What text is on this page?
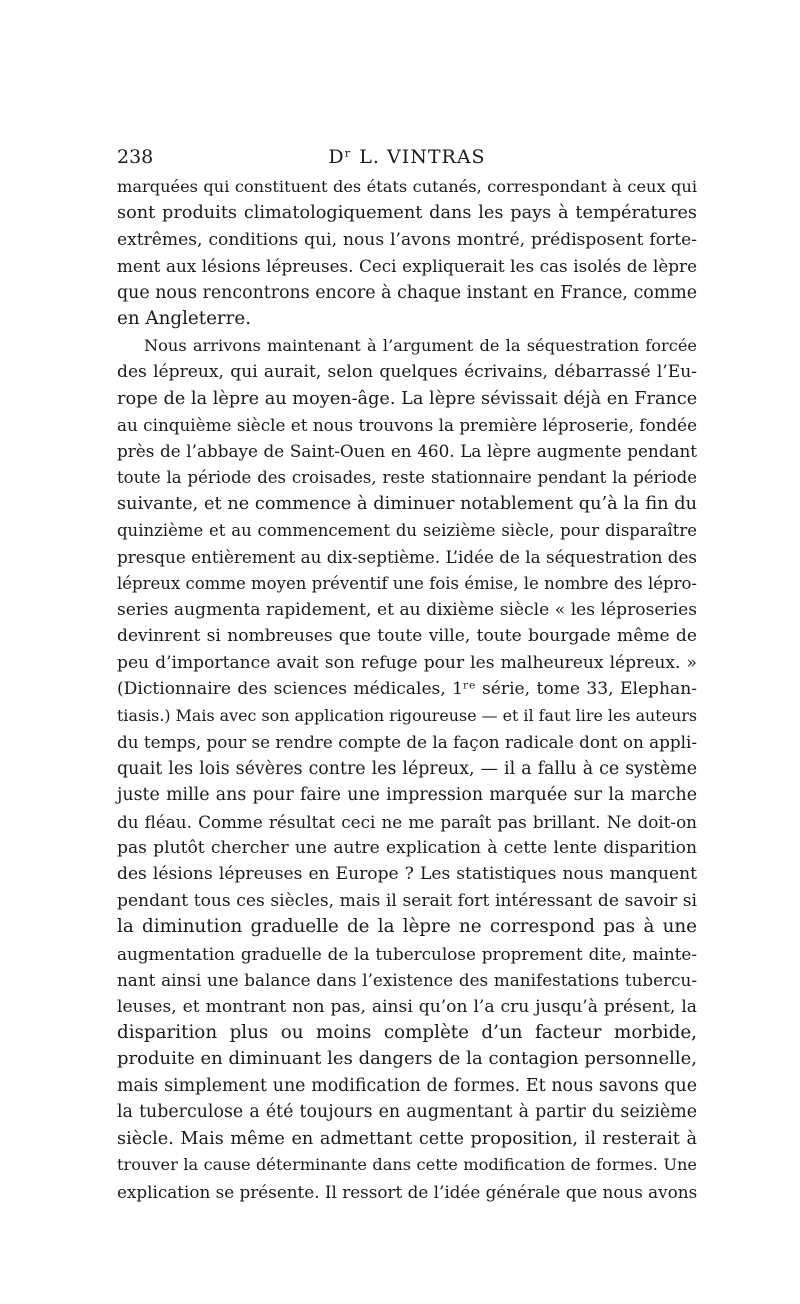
238	Dʳ L. VINTRAS
marquées qui constituent des états cutanés, correspondant à ceux qui
sont produits climatologiquement dans les pays à températures
extrêmes, conditions qui, nous l’avons montré, prédisposent forte-
ment aux lésions lépreuses. Ceci expliquerait les cas isolés de lèpre
que nous rencontrons encore à chaque instant en France, comme
en Angleterre.
Nous arrivons maintenant à l’argument de la séquestration forcée
des lépreux, qui aurait, selon quelques écrivains, débarrassé l’Eu-
rope de la lèpre au moyen-âge. La lèpre sévissait déjà en France
au cinquième siècle et nous trouvons la première léproserie, fondée
près de l’abbaye de Saint-Ouen en 460. La lèpre augmente pendant
toute la période des croisades, reste stationnaire pendant la période
suivante, et ne commence à diminuer notablement qu’à la fin du
quinzième et au commencement du seizième siècle, pour disparaître
presque entièrement au dix-septième. L’idée de la séquestration des
lépreux comme moyen préventif une fois émise, le nombre des lépro-
series augmenta rapidement, et au dixième siècle « les léproseries
devinrent si nombreuses que toute ville, toute bourgade même de
peu d’importance avait son refuge pour les malheureux lépreux. »
(Dictionnaire des sciences médicales, 1ʳᵉ série, tome 33, Elephan-
tiasis.) Mais avec son application rigoureuse — et il faut lire les auteurs
du temps, pour se rendre compte de la façon radicale dont on appli-
quait les lois sévères contre les lépreux, — il a fallu à ce système
juste mille ans pour faire une impression marquée sur la marche
du fléau. Comme résultat ceci ne me paraît pas brillant. Ne doit-on
pas plutôt chercher une autre explication à cette lente disparition
des lésions lépreuses en Europe ? Les statistiques nous manquent
pendant tous ces siècles, mais il serait fort intéressant de savoir si
la diminution graduelle de la lèpre ne correspond pas à une
augmentation graduelle de la tuberculose proprement dite, mainte-
nant ainsi une balance dans l’existence des manifestations tubercu-
leuses, et montrant non pas, ainsi qu’on l’a cru jusqu’à présent, la
disparition plus ou moins complète d’un facteur morbide,
produite en diminuant les dangers de la contagion personnelle,
mais simplement une modification de formes. Et nous savons que
la tuberculose a été toujours en augmentant à partir du seizième
siècle. Mais même en admettant cette proposition, il resterait à
trouver la cause déterminante dans cette modification de formes. Une
explication se présente. Il ressort de l’idée générale que nous avons
